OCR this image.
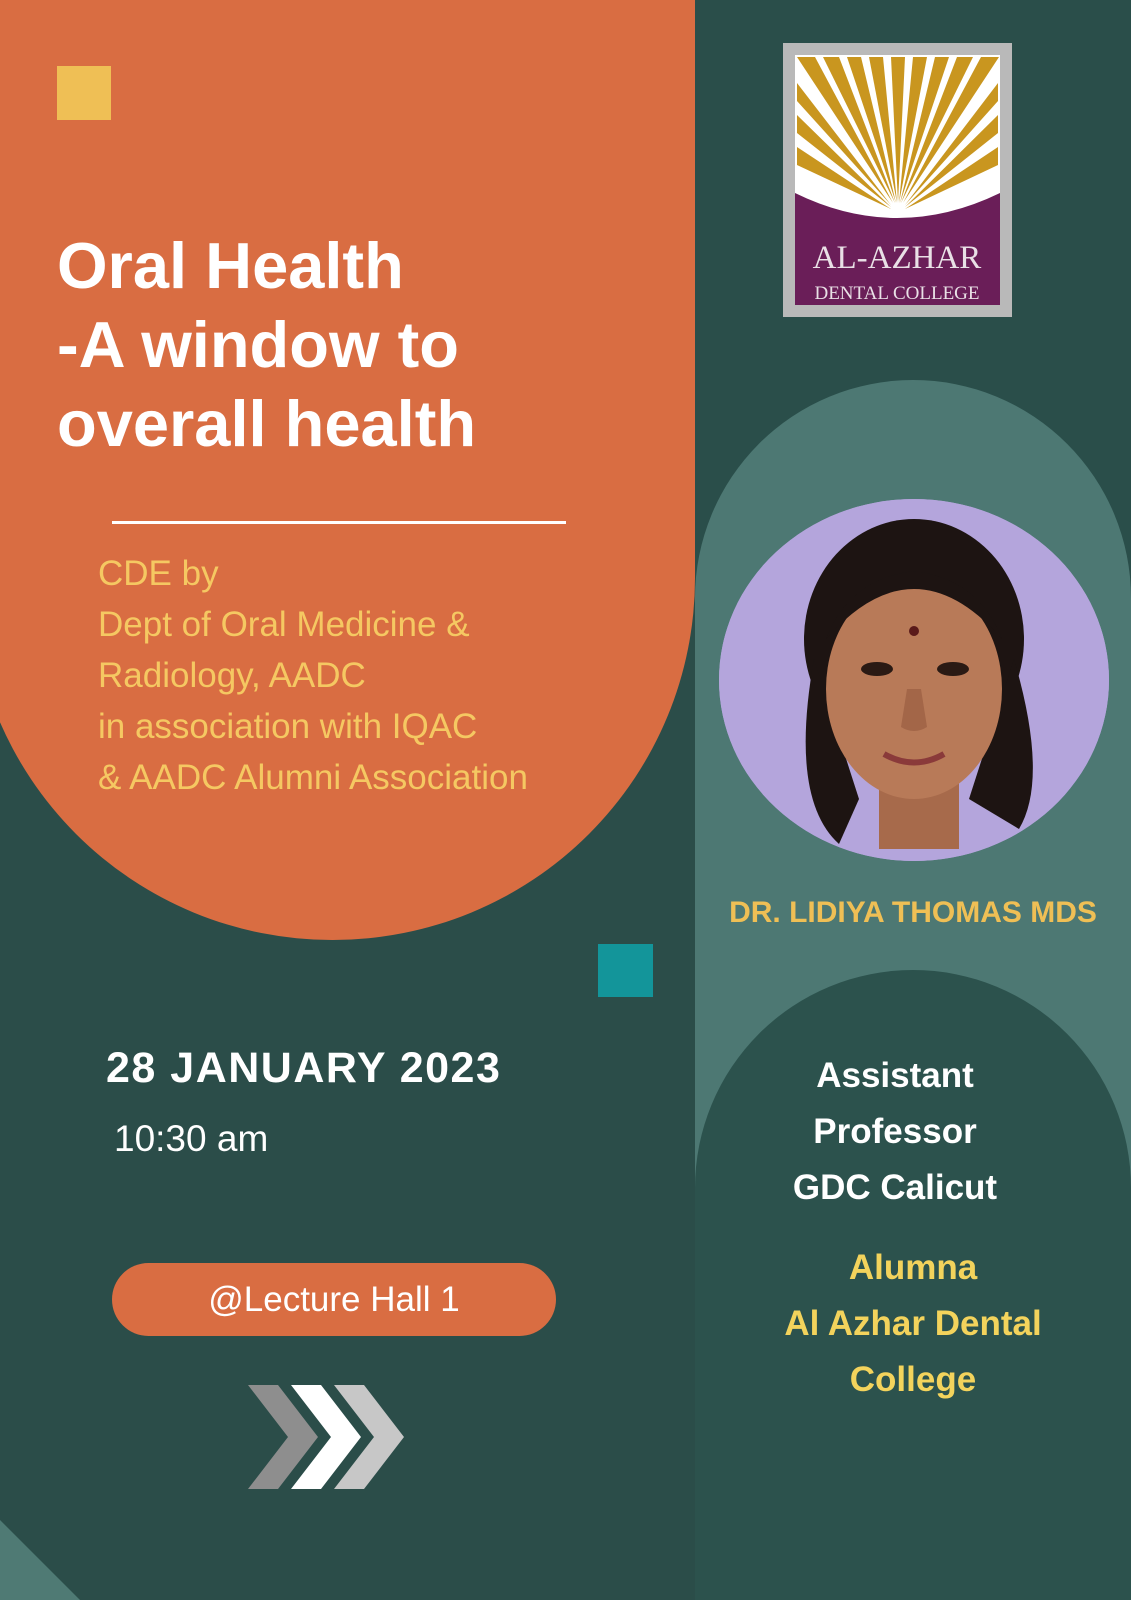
Oral Health
-A window to
overall health
CDE by
Dept of Oral Medicine &
Radiology, AADC
in association with IQAC
& AADC Alumni Association
28 JANUARY 2023
10:30 am
@Lecture Hall 1
AL-AZHAR
DENTAL COLLEGE
DR. LIDIYA THOMAS MDS
Assistant
Professor
GDC Calicut
Alumna
Al Azhar Dental
College
